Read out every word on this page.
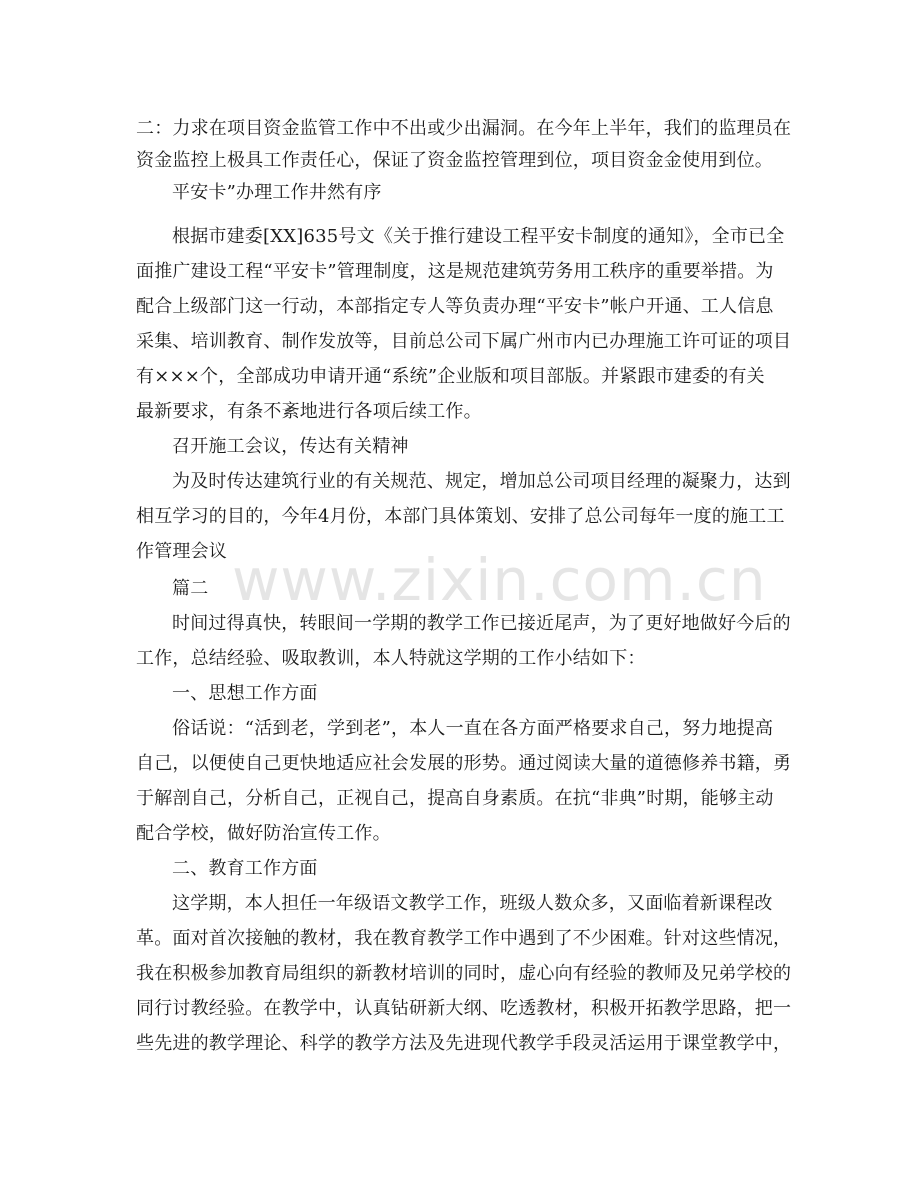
www.zixin.com.cn
二：力求在项目资金监管工作中不出或少出漏洞。在今年上半年，我们的监理员在
资金监控上极具工作责任心，保证了资金监控管理到位，项目资金金使用到位。
平安卡”办理工作井然有序
根据市建委[XX]635号文《关于推行建设工程平安卡制度的通知》，全市已全
面推广建设工程“平安卡”管理制度，这是规范建筑劳务用工秩序的重要举措。为
配合上级部门这一行动，本部指定专人等负责办理“平安卡”帐户开通、工人信息
采集、培训教育、制作发放等，目前总公司下属广州市内已办理施工许可证的项目
有×××个，全部成功申请开通“系统”企业版和项目部版。并紧跟市建委的有关
最新要求，有条不紊地进行各项后续工作。
召开施工会议，传达有关精神
为及时传达建筑行业的有关规范、规定，增加总公司项目经理的凝聚力，达到
相互学习的目的，今年4月份，本部门具体策划、安排了总公司每年一度的施工工
作管理会议
篇二
时间过得真快，转眼间一学期的教学工作已接近尾声，为了更好地做好今后的
工作，总结经验、吸取教训，本人特就这学期的工作小结如下：
一、思想工作方面
俗话说：“活到老，学到老”，本人一直在各方面严格要求自己，努力地提高
自己，以便使自己更快地适应社会发展的形势。通过阅读大量的道德修养书籍，勇
于解剖自己，分析自己，正视自己，提高自身素质。在抗“非典”时期，能够主动
配合学校，做好防治宣传工作。
二、教育工作方面
这学期，本人担任一年级语文教学工作，班级人数众多，又面临着新课程改
革。面对首次接触的教材，我在教育教学工作中遇到了不少困难。针对这些情况，
我在积极参加教育局组织的新教材培训的同时，虚心向有经验的教师及兄弟学校的
同行讨教经验。在教学中，认真钻研新大纲、吃透教材，积极开拓教学思路，把一
些先进的教学理论、科学的教学方法及先进现代教学手段灵活运用于课堂教学中，
